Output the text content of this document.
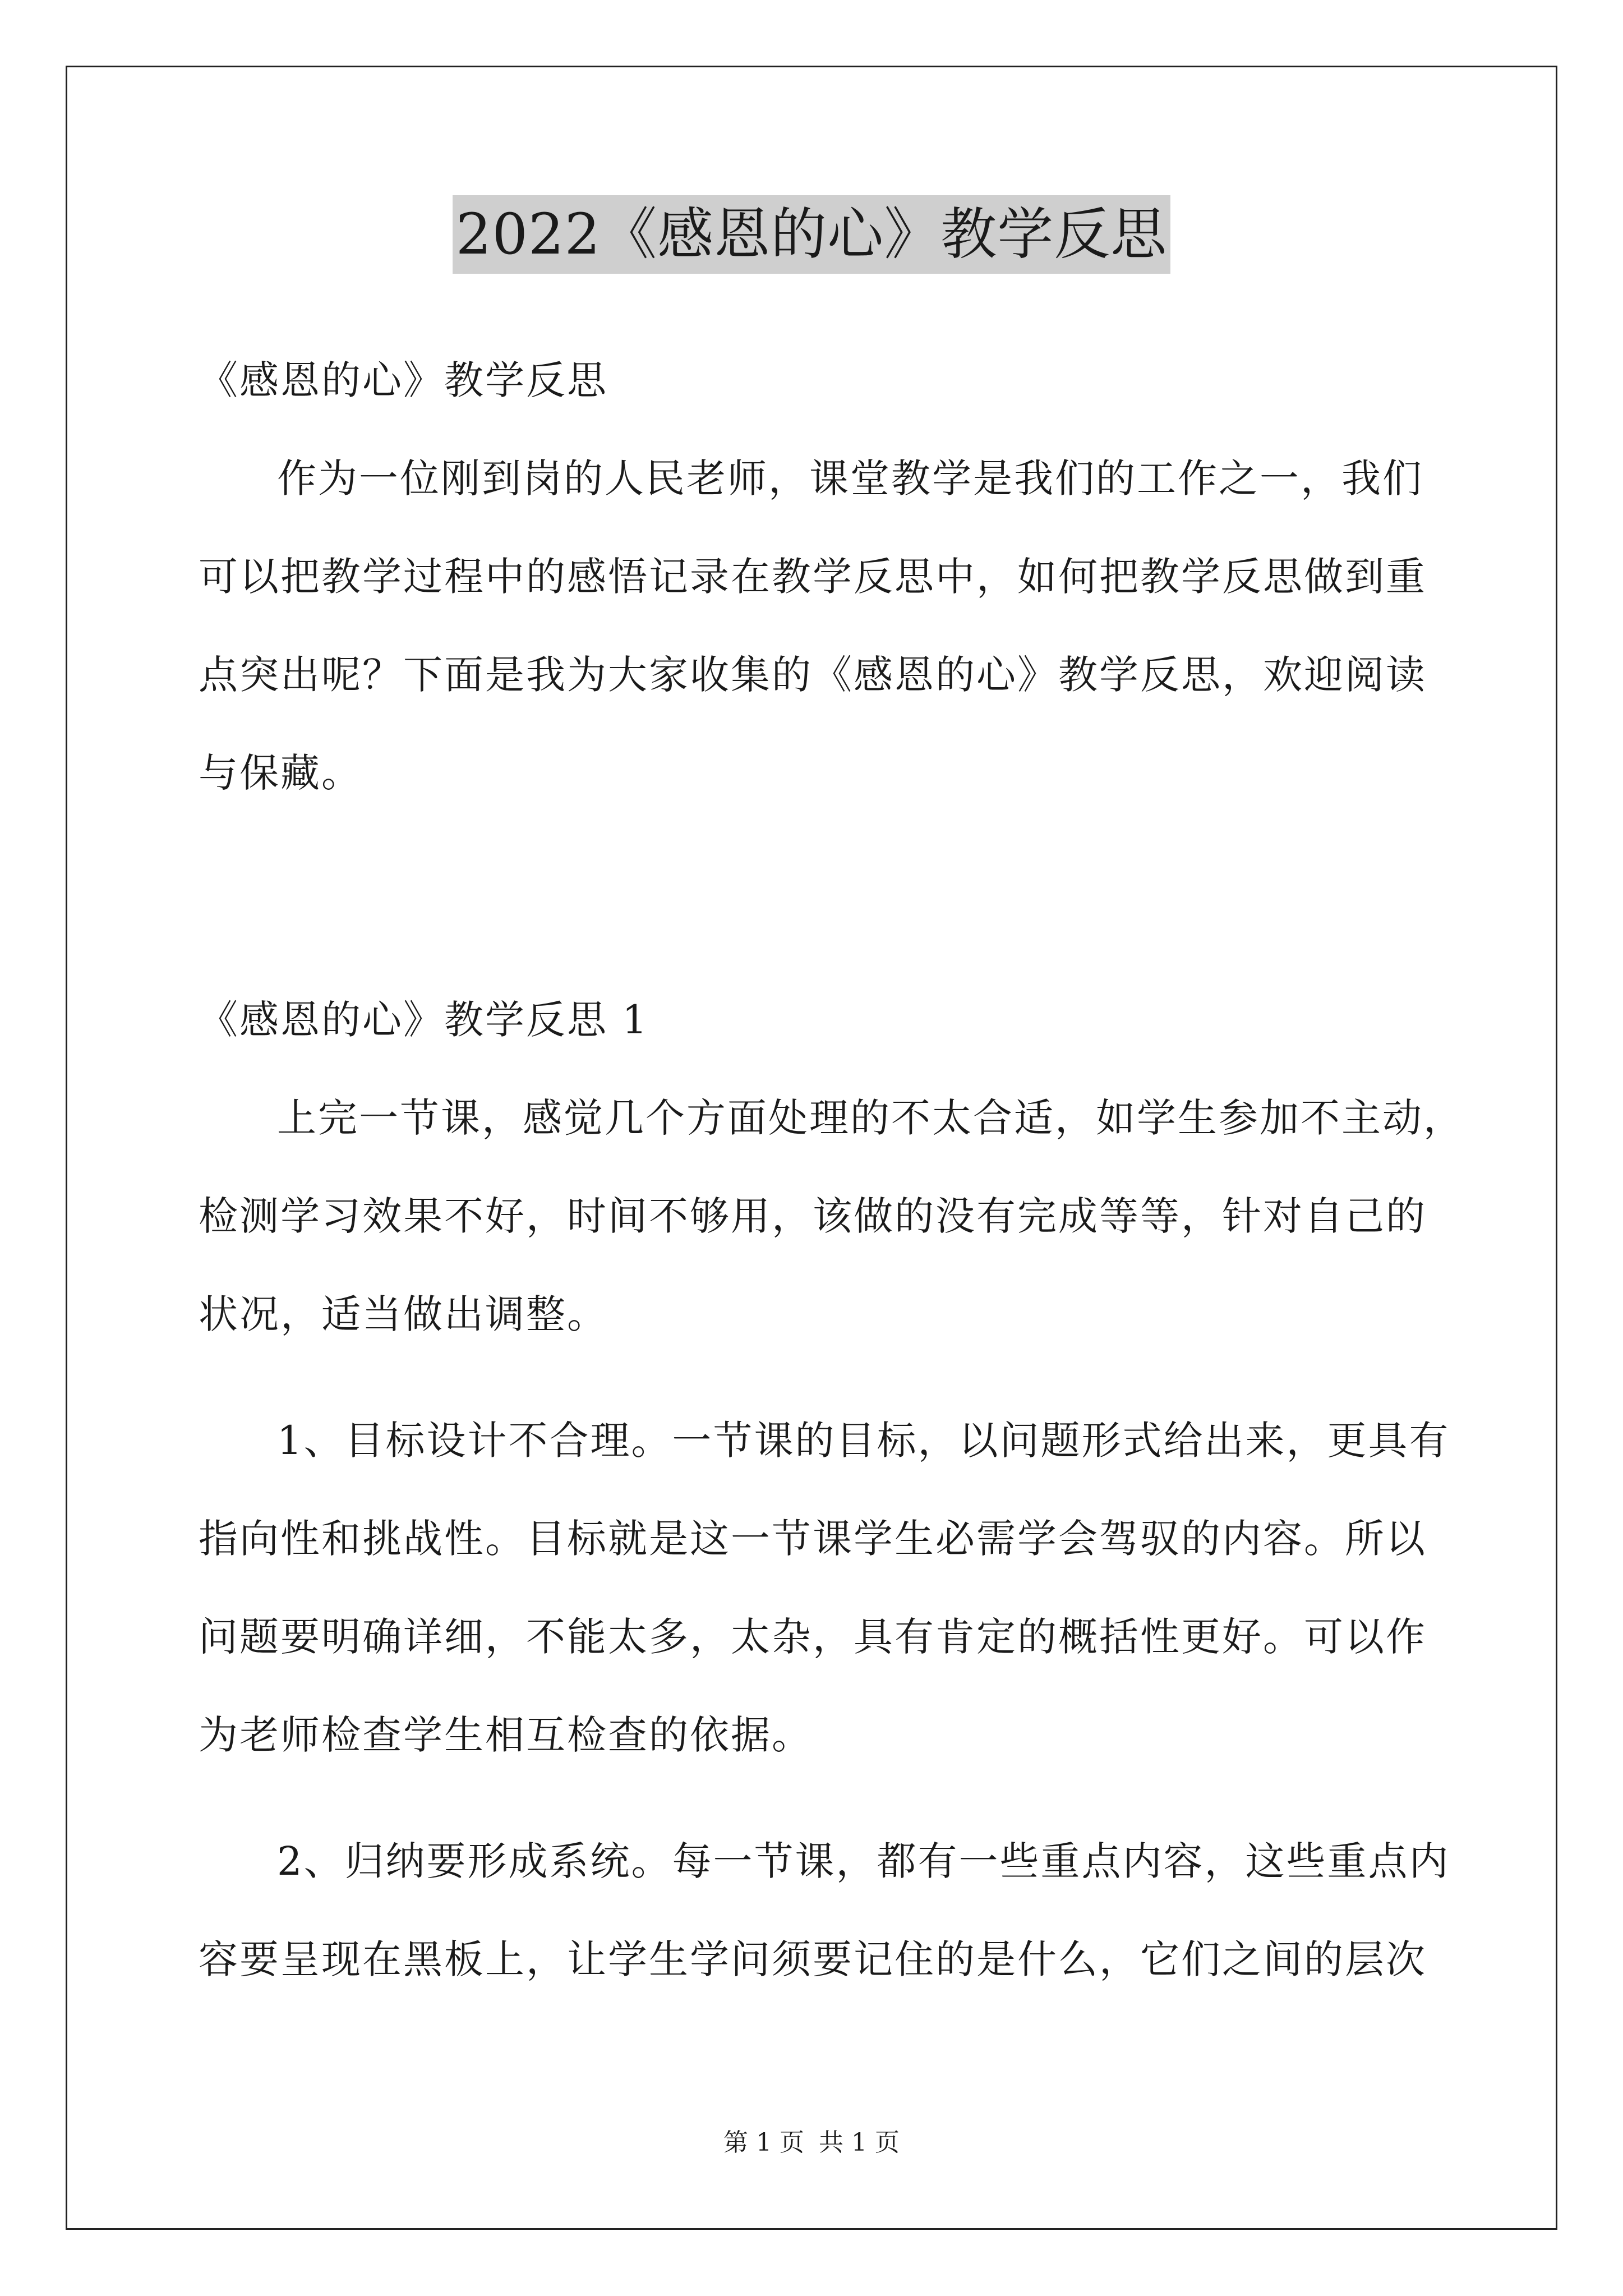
2022《感恩的心》教学反思
《感恩的心》教学反思
作为一位刚到岗的人民老师，课堂教学是我们的工作之一，我们
可以把教学过程中的感悟记录在教学反思中，如何把教学反思做到重
点突出呢？下面是我为大家收集的《感恩的心》教学反思，欢迎阅读
与保藏。
《感恩的心》教学反思 1
上完一节课，感觉几个方面处理的不太合适，如学生参加不主动，
检测学习效果不好，时间不够用，该做的没有完成等等，针对自己的
状况，适当做出调整。
1、目标设计不合理。一节课的目标，以问题形式给出来，更具有
指向性和挑战性。目标就是这一节课学生必需学会驾驭的内容。所以
问题要明确详细，不能太多，太杂，具有肯定的概括性更好。可以作
为老师检查学生相互检查的依据。
2、归纳要形成系统。每一节课，都有一些重点内容，这些重点内
容要呈现在黑板上，让学生学问须要记住的是什么，它们之间的层次
第 1 页 共 1 页
